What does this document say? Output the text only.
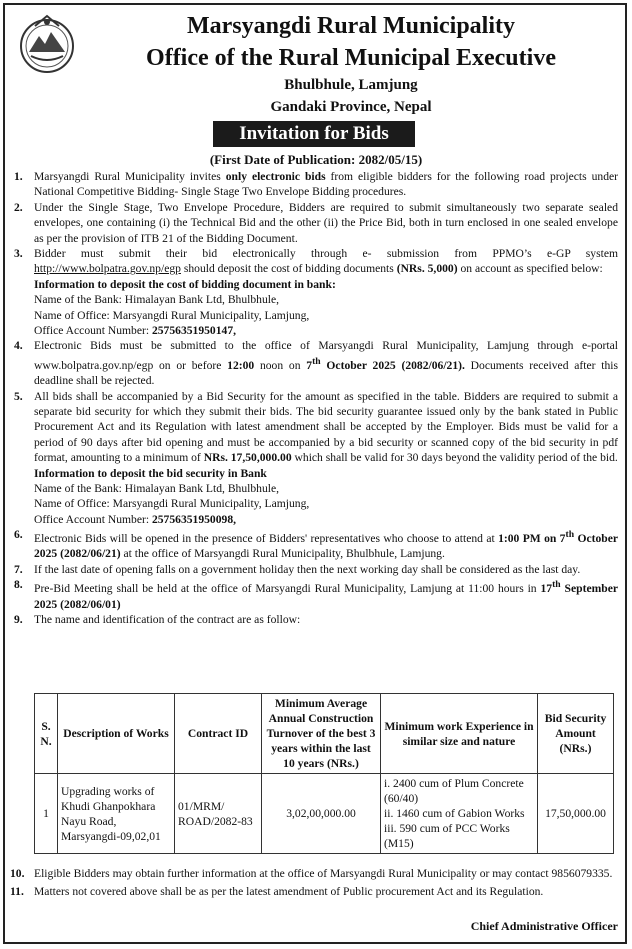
Marsyangdi Rural Municipality
Office of the Rural Municipal Executive
Bhulbhule, Lamjung
Gandaki Province, Nepal
Invitation for Bids
(First Date of Publication: 2082/05/15)
1. Marsyangdi Rural Municipality invites only electronic bids from eligible bidders for the following road projects under National Competitive Bidding- Single Stage Two Envelope Bidding procedures.
2. Under the Single Stage, Two Envelope Procedure, Bidders are required to submit simultaneously two separate sealed envelopes, one containing (i) the Technical Bid and the other (ii) the Price Bid, both in turn enclosed in one sealed envelope as per the provision of ITB 21 of the Bidding Document.
3. Bidder must submit their bid electronically through e- submission from PPMO’s e-GP system http://www.bolpatra.gov.np/egp should deposit the cost of bidding documents (NRs. 5,000) on account as specified below:
Information to deposit the cost of bidding document in bank:
Name of the Bank: Himalayan Bank Ltd, Bhulbhule,
Name of Office: Marsyangdi Rural Municipality, Lamjung,
Office Account Number: 25756351950147,
4. Electronic Bids must be submitted to the office of Marsyangdi Rural Municipality, Lamjung through e-portal www.bolpatra.gov.np/egp on or before 12:00 noon on 7th October 2025 (2082/06/21). Documents received after this deadline shall be rejected.
5. All bids shall be accompanied by a Bid Security for the amount as specified in the table. Bidders are required to submit a separate bid security for which they submit their bids. The bid security guarantee issued only by the bank stated in Public Procurement Act and its Regulation with latest amendment shall be accepted by the Employer. Bids must be valid for a period of 90 days after bid opening and must be accompanied by a bid security or scanned copy of the bid security in pdf format, amounting to a minimum of NRs. 17,50,000.00 which shall be valid for 30 days beyond the validity period of the bid.
Information to deposit the bid security in Bank
Name of the Bank: Himalayan Bank Ltd, Bhulbhule,
Name of Office: Marsyangdi Rural Municipality, Lamjung,
Office Account Number: 25756351950098,
6. Electronic Bids will be opened in the presence of Bidders' representatives who choose to attend at 1:00 PM on 7th October 2025 (2082/06/21) at the office of Marsyangdi Rural Municipality, Bhulbhule, Lamjung.
7. If the last date of opening falls on a government holiday then the next working day shall be considered as the last day.
8. Pre-Bid Meeting shall be held at the office of Marsyangdi Rural Municipality, Lamjung at 11:00 hours in 17th September 2025 (2082/06/01)
9. The name and identification of the contract are as follow:
S. N.	Description of Works	Contract ID	Minimum Average Annual Construction Turnover of the best 3 years within the last 10 years (NRs.)	Minimum work Experience in similar size and nature	Bid Security Amount (NRs.)
1	Upgrading works of Khudi Ghanpokhara Nayu Road, Marsyangdi-09,02,01	01/MRM/ ROAD/2082-83	3,02,00,000.00	i. 2400 cum of Plum Concrete (60/40)
ii. 1460 cum of Gabion Works
iii. 590 cum of PCC Works (M15)	17,50,000.00
10. Eligible Bidders may obtain further information at the office of Marsyangdi Rural Municipality or may contact 9856079335.
11. Matters not covered above shall be as per the latest amendment of Public procurement Act and its Regulation.
Chief Administrative Officer
